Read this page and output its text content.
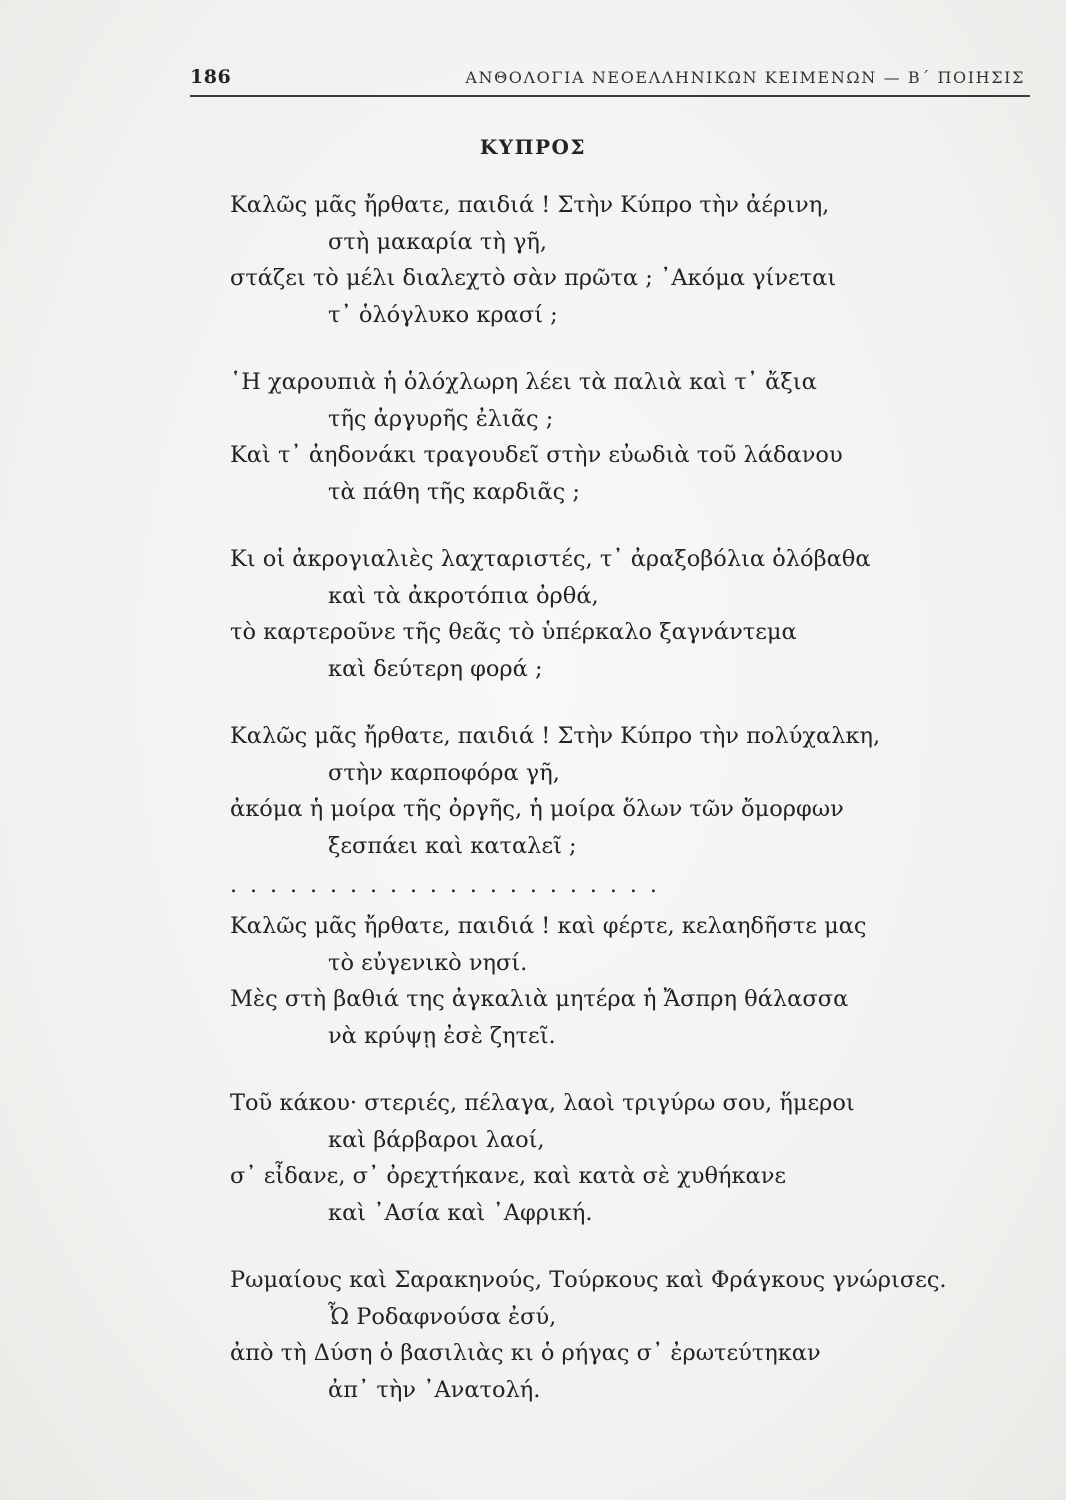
186	ΑΝΘΟΛΟΓΙΑ ΝΕΟΕΛΛΗΝΙΚΩΝ ΚΕΙΜΕΝΩΝ — Β΄ ΠΟΙΗΣΙΣ
ΚΥΠΡΟΣ
Καλῶς μᾶς ἤρθατε, παιδιά ! Στὴν Κύπρο τὴν ἀέρινη,
στὴ μακαρία τὴ γῆ,
στάζει τὸ μέλι διαλεχτὸ σὰν πρῶτα ; ᾿Ακόμα γίνεται
τ᾿ ὁλόγλυκο κρασί ;
῾Η χαρουπιὰ ἡ ὁλόχλωρη λέει τὰ παλιὰ καὶ τ᾿ ἄξια
τῆς ἀργυρῆς ἐλιᾶς ;
Καὶ τ᾿ ἀηδονάκι τραγουδεῖ στὴν εὐωδιὰ τοῦ λάδανου
τὰ πάθη τῆς καρδιᾶς ;
Κι οἱ ἀκρογιαλιὲς λαχταριστές, τ᾿ ἀραξοβόλια ὁλόβαθα
καὶ τὰ ἀκροτόπια ὀρθά,
τὸ καρτεροῦνε τῆς θεᾶς τὸ ὑπέρκαλο ξαγνάντεμα
καὶ δεύτερη φορά ;
Καλῶς μᾶς ἤρθατε, παιδιά ! Στὴν Κύπρο τὴν πολύχαλκη,
στὴν καρποφόρα γῆ,
ἀκόμα ἡ μοίρα τῆς ὀργῆς, ἡ μοίρα ὅλων τῶν ὄμορφων
ξεσπάει καὶ καταλεῖ ;
......................
Καλῶς μᾶς ἤρθατε, παιδιά ! καὶ φέρτε, κελαηδῆστε μας
τὸ εὐγενικὸ νησί.
Μὲς στὴ βαθιά της ἀγκαλιὰ μητέρα ἡ Ἄσπρη θάλασσα
νὰ κρύψῃ ἐσὲ ζητεῖ.
Τοῦ κάκου· στεριές, πέλαγα, λαοὶ τριγύρω σου, ἥμεροι
καὶ βάρβαροι λαοί,
σ᾿ εἶδανε, σ᾿ ὀρεχτήκανε, καὶ κατὰ σὲ χυθήκανε
καὶ ᾿Ασία καὶ ᾿Αφρική.
Ρωμαίους καὶ Σαρακηνούς, Τούρκους καὶ Φράγκους γνώρισες.
Ὦ Ροδαφνούσα ἐσύ,
ἀπὸ τὴ Δύση ὁ βασιλιὰς κι ὁ ρήγας σ᾿ ἐρωτεύτηκαν
ἀπ᾿ τὴν ᾿Ανατολή.
